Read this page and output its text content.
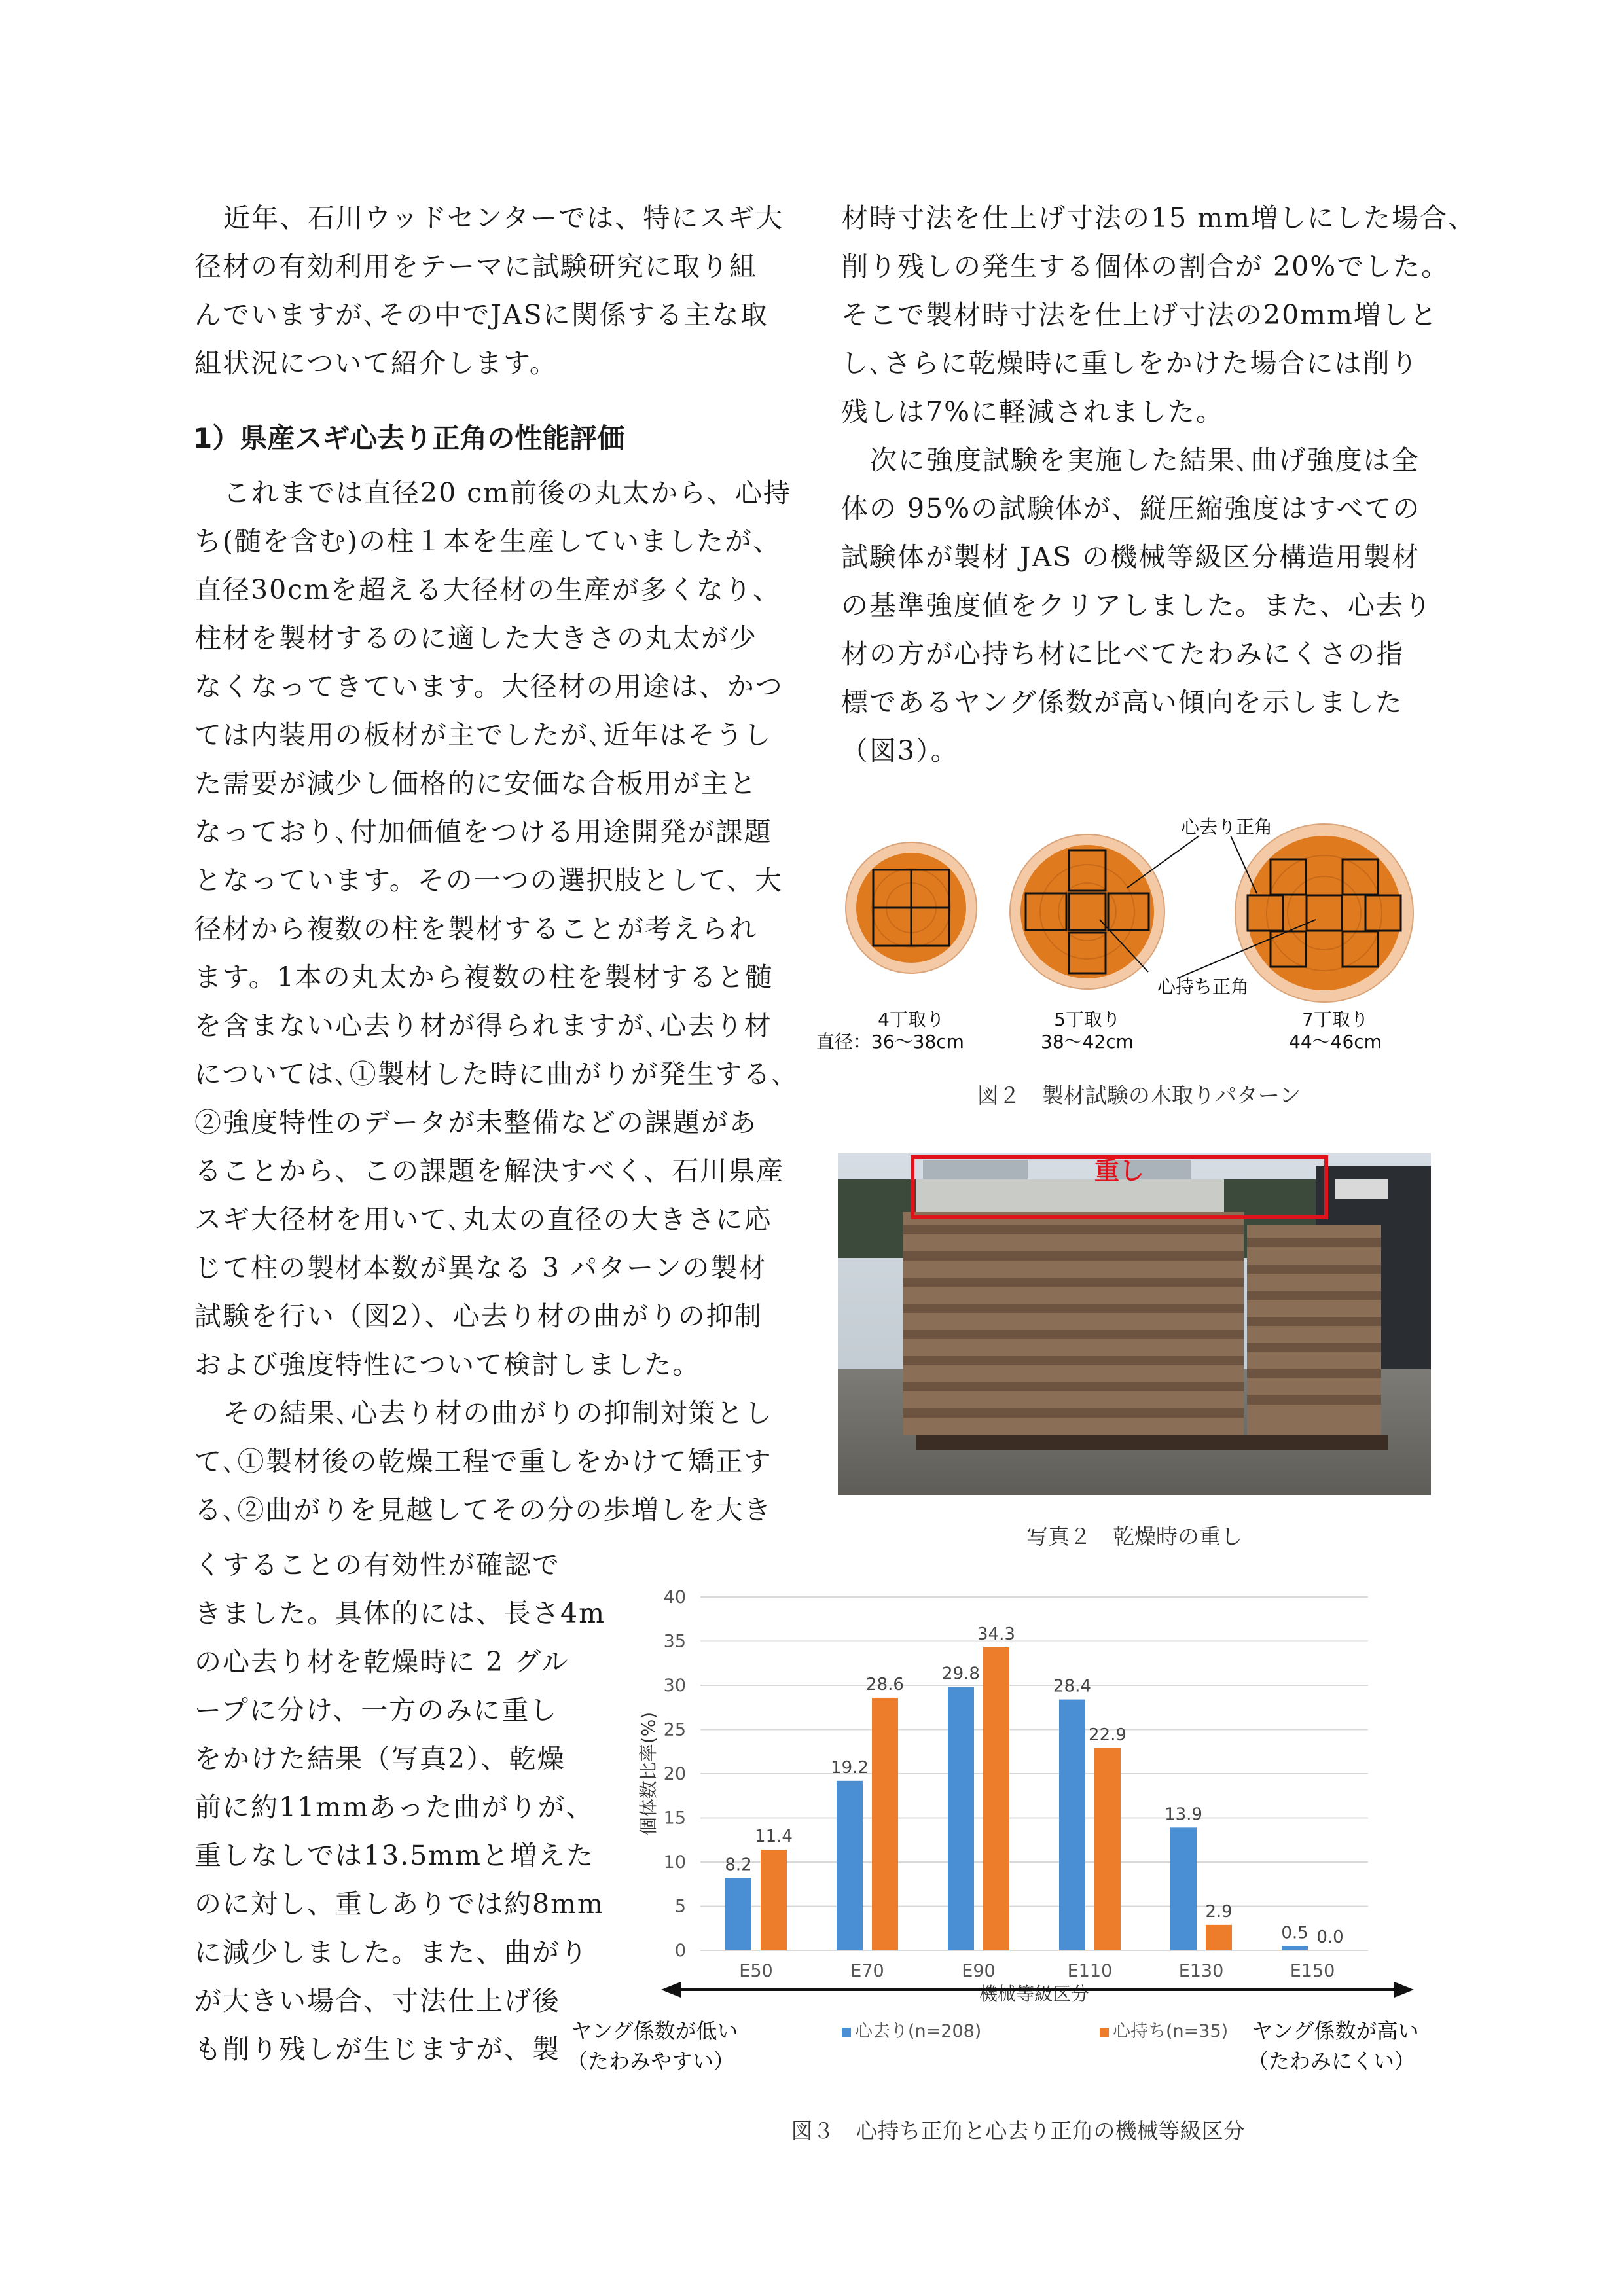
近年、石川ウッドセンターでは、特にスギ大
径材の有効利用をテーマに試験研究に取り組
んでいますが､その中でJASに関係する主な取
組状況について紹介します。
1）県産スギ心去り正角の性能評価
これまでは直径20 cm前後の丸太から、心持
ち(髄を含む)の柱１本を生産していましたが、
直径30cmを超える大径材の生産が多くなり、
柱材を製材するのに適した大きさの丸太が少
なくなってきています。大径材の用途は、かつ
ては内装用の板材が主でしたが､近年はそうし
た需要が減少し価格的に安価な合板用が主と
なっており､付加価値をつける用途開発が課題
となっています。その一つの選択肢として、大
径材から複数の柱を製材することが考えられ
ます。1本の丸太から複数の柱を製材すると髄
を含まない心去り材が得られますが､心去り材
については､①製材した時に曲がりが発生する､
②強度特性のデータが未整備などの課題があ
ることから、この課題を解決すべく、石川県産
スギ大径材を用いて､丸太の直径の大きさに応
じて柱の製材本数が異なる 3 パターンの製材
試験を行い（図2）、心去り材の曲がりの抑制
および強度特性について検討しました。
その結果､心去り材の曲がりの抑制対策とし
て､①製材後の乾燥工程で重しをかけて矯正す
る､②曲がりを見越してその分の歩増しを大き
くすることの有効性が確認で
きました。具体的には、長さ4m
の心去り材を乾燥時に 2 グル
ープに分け、一方のみに重し
をかけた結果（写真2）、乾燥
前に約11mmあった曲がりが、
重しなしでは13.5mmと増えた
のに対し、重しありでは約8mm
に減少しました。また、曲がり
が大きい場合、寸法仕上げ後
も削り残しが生じますが、製
材時寸法を仕上げ寸法の15 mm増しにした場合、
削り残しの発生する個体の割合が 20%でした。
そこで製材時寸法を仕上げ寸法の20mm増しと
し､さらに乾燥時に重しをかけた場合には削り
残しは7%に軽減されました。
次に強度試験を実施した結果､曲げ強度は全
体の 95%の試験体が、縦圧縮強度はすべての
試験体が製材 JAS の機械等級区分構造用製材
の基準強度値をクリアしました。また、心去り
材の方が心持ち材に比べてたわみにくさの指
標であるヤング係数が高い傾向を示しました
（図3）。
心去り正角
心持ち正角
4丁取り
直径：36～38cm
5丁取り
38～42cm
7丁取り
44～46cm
図２　製材試験の木取りパターン
重し
写真２　乾燥時の重し
0
5
10
15
20
25
30
35
40
個体数比率(%)
8.2
11.4
E50
19.2
28.6
E70
29.8
34.3
E90
28.4
22.9
E110
13.9
2.9
E130
0.5 0.0
E150
機械等級区分
心去り(n=208)	心持ち(n=35)
ヤング係数が低い
（たわみやすい）
ヤング係数が高い
（たわみにくい）
図３　心持ち正角と心去り正角の機械等級区分
